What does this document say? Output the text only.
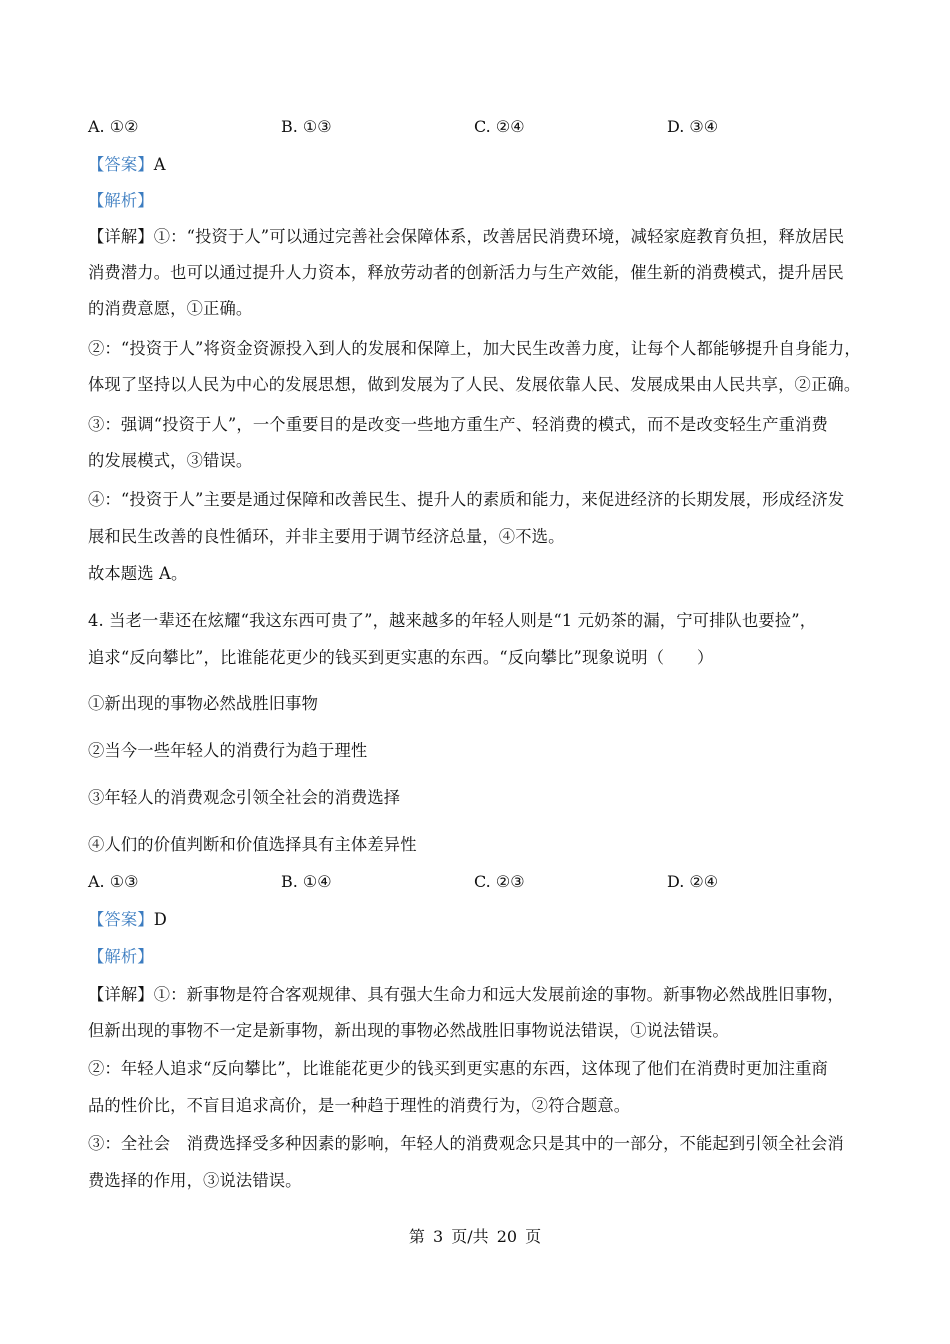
A. ①②	B. ①③	C. ②④	D. ③④
【答案】A
【解析】
【详解】①：“投资于人”可以通过完善社会保障体系，改善居民消费环境，减轻家庭教育负担，释放居民
消费潜力。也可以通过提升人力资本，释放劳动者的创新活力与生产效能，催生新的消费模式，提升居民
的消费意愿，①正确。
②：“投资于人”将资金资源投入到人的发展和保障上，加大民生改善力度，让每个人都能够提升自身能力，
体现了坚持以人民为中心的发展思想，做到发展为了人民、发展依靠人民、发展成果由人民共享，②正确。
③：强调“投资于人”，一个重要目的是改变一些地方重生产、轻消费的模式，而不是改变轻生产重消费
的发展模式，③错误。
④：“投资于人”主要是通过保障和改善民生、提升人的素质和能力，来促进经济的长期发展，形成经济发
展和民生改善的良性循环，并非主要用于调节经济总量，④不选。
故本题选 A。
4. 当老一辈还在炫耀“我这东西可贵了”，越来越多的年轻人则是“1 元奶茶的漏，宁可排队也要捡”，
追求“反向攀比”，比谁能花更少的钱买到更实惠的东西。“反向攀比”现象说明（　　）
①新出现的事物必然战胜旧事物
②当今一些年轻人的消费行为趋于理性
③年轻人的消费观念引领全社会的消费选择
④人们的价值判断和价值选择具有主体差异性
A. ①③	B. ①④	C. ②③	D. ②④
【答案】D
【解析】
【详解】①：新事物是符合客观规律、具有强大生命力和远大发展前途的事物。新事物必然战胜旧事物，
但新出现的事物不一定是新事物，新出现的事物必然战胜旧事物说法错误，①说法错误。
②：年轻人追求“反向攀比”，比谁能花更少的钱买到更实惠的东西，这体现了他们在消费时更加注重商
品的性价比，不盲目追求高价，是一种趋于理性的消费行为，②符合题意。
③：全社会　消费选择受多种因素的影响，年轻人的消费观念只是其中的一部分，不能起到引领全社会消
费选择的作用，③说法错误。
第 3 页/共 20 页
